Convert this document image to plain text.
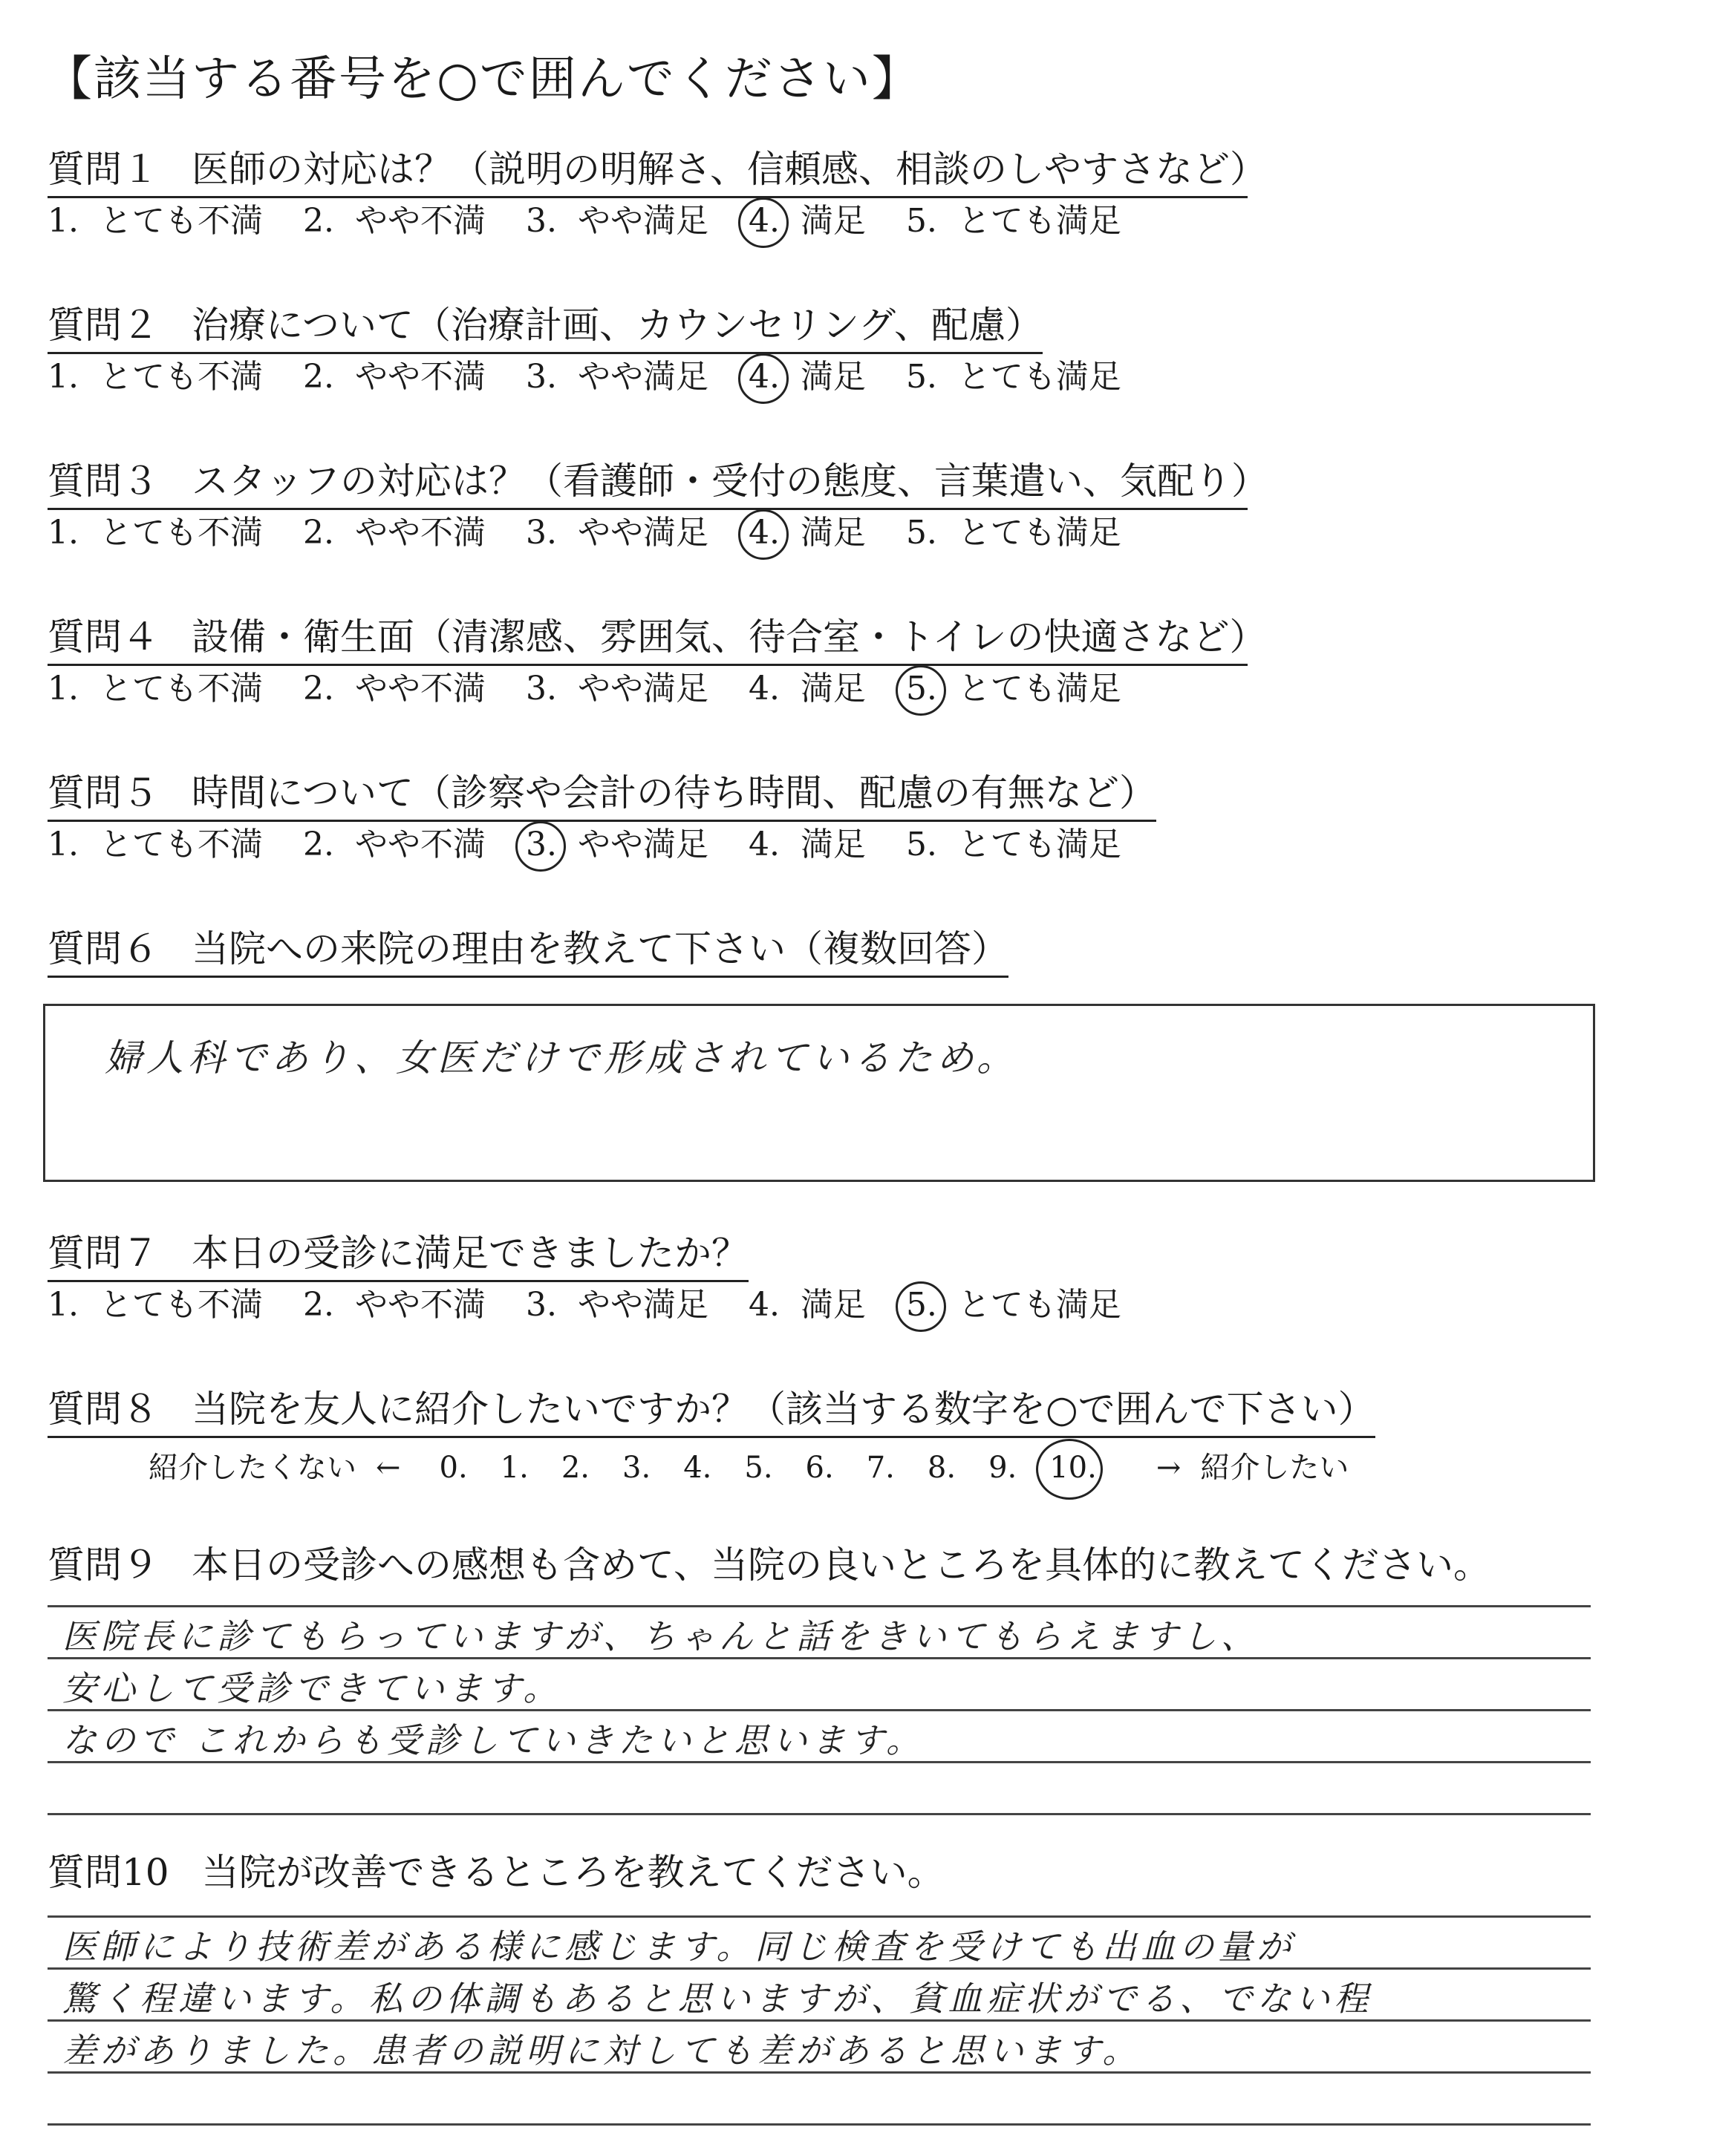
【該当する番号を○で囲んでください】
質問１ 医師の対応は？（説明の明解さ、信頼感、相談のしやすさなど）
1. とても不満 2. やや不満 3. やや満足 4. 満足 5. とても満足
質問２ 治療について（治療計画、カウンセリング、配慮）
1. とても不満 2. やや不満 3. やや満足 4. 満足 5. とても満足
質問３ スタッフの対応は？（看護師・受付の態度、言葉遣い、気配り）
1. とても不満 2. やや不満 3. やや満足 4. 満足 5. とても満足
質問４ 設備・衛生面（清潔感、雰囲気、待合室・トイレの快適さなど）
1. とても不満 2. やや不満 3. やや満足 4. 満足 5. とても満足
質問５ 時間について（診察や会計の待ち時間、配慮の有無など）
1. とても不満 2. やや不満 3. やや満足 4. 満足 5. とても満足
質問６ 当院への来院の理由を教えて下さい（複数回答）
婦人科であり、女医だけで形成されているため。
質問７ 本日の受診に満足できましたか？
1. とても不満 2. やや不満 3. やや満足 4. 満足 5. とても満足
質問８ 当院を友人に紹介したいですか？（該当する数字を○で囲んで下さい）
紹介したくない ← 0. 1. 2. 3. 4. 5. 6. 7. 8. 9. 10. → 紹介したい
質問９ 本日の受診への感想も含めて、当院の良いところを具体的に教えてください。
医院長に診てもらっていますが、ちゃんと話をきいてもらえますし、
安心して受診できています。
なので これからも受診していきたいと思います。
質問10 当院が改善できるところを教えてください。
医師により技術差がある様に感じます。同じ検査を受けても出血の量が
驚く程違います。私の体調もあると思いますが、貧血症状がでる、でない程
差がありました。患者の説明に対しても差があると思います。
